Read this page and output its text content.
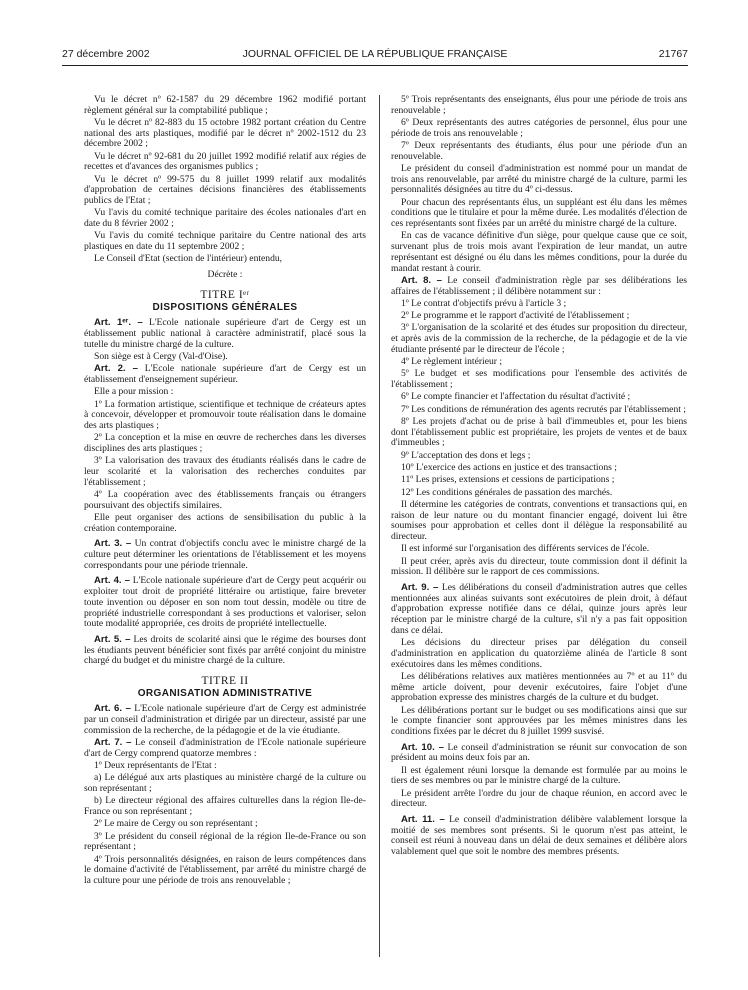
27 décembre 2002	JOURNAL OFFICIEL DE LA RÉPUBLIQUE FRANÇAISE	21767

Vu le décret nº 62-1587 du 29 décembre 1962 modifié portant règlement général sur la comptabilité publique ;

Vu le décret nº 82-883 du 15 octobre 1982 portant création du Centre national des arts plastiques, modifié par le décret nº 2002-1512 du 23 décembre 2002 ;

Vu le décret nº 92-681 du 20 juillet 1992 modifié relatif aux régies de recettes et d'avances des organismes publics ;

Vu le décret nº 99-575 du 8 juillet 1999 relatif aux modalités d'approbation de certaines décisions financières des établissements publics de l'Etat ;

Vu l'avis du comité technique paritaire des écoles nationales d'art en date du 8 février 2002 ;

Vu l'avis du comité technique paritaire du Centre national des arts plastiques en date du 11 septembre 2002 ;

Le Conseil d'Etat (section de l'intérieur) entendu,

Décrète :

TITRE Iᵉʳ
DISPOSITIONS GÉNÉRALES

Art. 1ᵉʳ. – L'Ecole nationale supérieure d'art de Cergy est un établissement public national à caractère administratif, placé sous la tutelle du ministre chargé de la culture.

Son siège est à Cergy (Val-d'Oise).

Art. 2. – L'Ecole nationale supérieure d'art de Cergy est un établissement d'enseignement supérieur.

Elle a pour mission :

1º La formation artistique, scientifique et technique de créateurs aptes à concevoir, développer et promouvoir toute réalisation dans le domaine des arts plastiques ;

2º La conception et la mise en œuvre de recherches dans les diverses disciplines des arts plastiques ;

3º La valorisation des travaux des étudiants réalisés dans le cadre de leur scolarité et la valorisation des recherches conduites par l'établissement ;

4º La coopération avec des établissements français ou étrangers poursuivant des objectifs similaires.

Elle peut organiser des actions de sensibilisation du public à la création contemporaine.

Art. 3. – Un contrat d'objectifs conclu avec le ministre chargé de la culture peut déterminer les orientations de l'établissement et les moyens correspondants pour une période triennale.

Art. 4. – L'Ecole nationale supérieure d'art de Cergy peut acquérir ou exploiter tout droit de propriété littéraire ou artistique, faire breveter toute invention ou déposer en son nom tout dessin, modèle ou titre de propriété industrielle correspondant à ses productions et valoriser, selon toute modalité appropriée, ces droits de propriété intellectuelle.

Art. 5. – Les droits de scolarité ainsi que le régime des bourses dont les étudiants peuvent bénéficier sont fixés par arrêté conjoint du ministre chargé du budget et du ministre chargé de la culture.

TITRE II
ORGANISATION ADMINISTRATIVE

Art. 6. – L'Ecole nationale supérieure d'art de Cergy est administrée par un conseil d'administration et dirigée par un directeur, assisté par une commission de la recherche, de la pédagogie et de la vie étudiante.

Art. 7. – Le conseil d'administration de l'Ecole nationale supérieure d'art de Cergy comprend quatorze membres :

1º Deux représentants de l'Etat :

a) Le délégué aux arts plastiques au ministère chargé de la culture ou son représentant ;

b) Le directeur régional des affaires culturelles dans la région Ile-de-France ou son représentant ;

2º Le maire de Cergy ou son représentant ;

3º Le président du conseil régional de la région Ile-de-France ou son représentant ;

4º Trois personnalités désignées, en raison de leurs compétences dans le domaine d'activité de l'établissement, par arrêté du ministre chargé de la culture pour une période de trois ans renouvelable ;

5º Trois représentants des enseignants, élus pour une période de trois ans renouvelable ;

6º Deux représentants des autres catégories de personnel, élus pour une période de trois ans renouvelable ;

7º Deux représentants des étudiants, élus pour une période d'un an renouvelable.

Le président du conseil d'administration est nommé pour un mandat de trois ans renouvelable, par arrêté du ministre chargé de la culture, parmi les personnalités désignées au titre du 4º ci-dessus.

Pour chacun des représentants élus, un suppléant est élu dans les mêmes conditions que le titulaire et pour la même durée. Les modalités d'élection de ces représentants sont fixées par un arrêté du ministre chargé de la culture.

En cas de vacance définitive d'un siège, pour quelque cause que ce soit, survenant plus de trois mois avant l'expiration de leur mandat, un autre représentant est désigné ou élu dans les mêmes conditions, pour la durée du mandat restant à courir.

Art. 8. – Le conseil d'administration règle par ses délibérations les affaires de l'établissement ; il délibère notamment sur :

1º Le contrat d'objectifs prévu à l'article 3 ;

2º Le programme et le rapport d'activité de l'établissement ;

3º L'organisation de la scolarité et des études sur proposition du directeur, et après avis de la commission de la recherche, de la pédagogie et de la vie étudiante présenté par le directeur de l'école ;

4º Le règlement intérieur ;

5º Le budget et ses modifications pour l'ensemble des activités de l'établissement ;

6º Le compte financier et l'affectation du résultat d'activité ;

7º Les conditions de rémunération des agents recrutés par l'établissement ;

8º Les projets d'achat ou de prise à bail d'immeubles et, pour les biens dont l'établissement public est propriétaire, les projets de ventes et de baux d'immeubles ;

9º L'acceptation des dons et legs ;

10º L'exercice des actions en justice et des transactions ;

11º Les prises, extensions et cessions de participations ;

12º Les conditions générales de passation des marchés.

Il détermine les catégories de contrats, conventions et transactions qui, en raison de leur nature ou du montant financier engagé, doivent lui être soumises pour approbation et celles dont il délègue la responsabilité au directeur.

Il est informé sur l'organisation des différents services de l'école.

Il peut créer, après avis du directeur, toute commission dont il définit la mission. Il délibère sur le rapport de ces commissions.

Art. 9. – Les délibérations du conseil d'administration autres que celles mentionnées aux alinéas suivants sont exécutoires de plein droit, à défaut d'approbation expresse notifiée dans ce délai, quinze jours après leur réception par le ministre chargé de la culture, s'il n'y a pas fait opposition dans ce délai.

Les décisions du directeur prises par délégation du conseil d'administration en application du quatorzième alinéa de l'article 8 sont exécutoires dans les mêmes conditions.

Les délibérations relatives aux matières mentionnées au 7º et au 11º du même article doivent, pour devenir exécutoires, faire l'objet d'une approbation expresse des ministres chargés de la culture et du budget.

Les délibérations portant sur le budget ou ses modifications ainsi que sur le compte financier sont approuvées par les mêmes ministres dans les conditions fixées par le décret du 8 juillet 1999 susvisé.

Art. 10. – Le conseil d'administration se réunit sur convocation de son président au moins deux fois par an.

Il est également réuni lorsque la demande est formulée par au moins le tiers de ses membres ou par le ministre chargé de la culture.

Le président arrête l'ordre du jour de chaque réunion, en accord avec le directeur.

Art. 11. – Le conseil d'administration délibère valablement lorsque la moitié de ses membres sont présents. Si le quorum n'est pas atteint, le conseil est réuni à nouveau dans un délai de deux semaines et délibère alors valablement quel que soit le nombre des membres présents.
